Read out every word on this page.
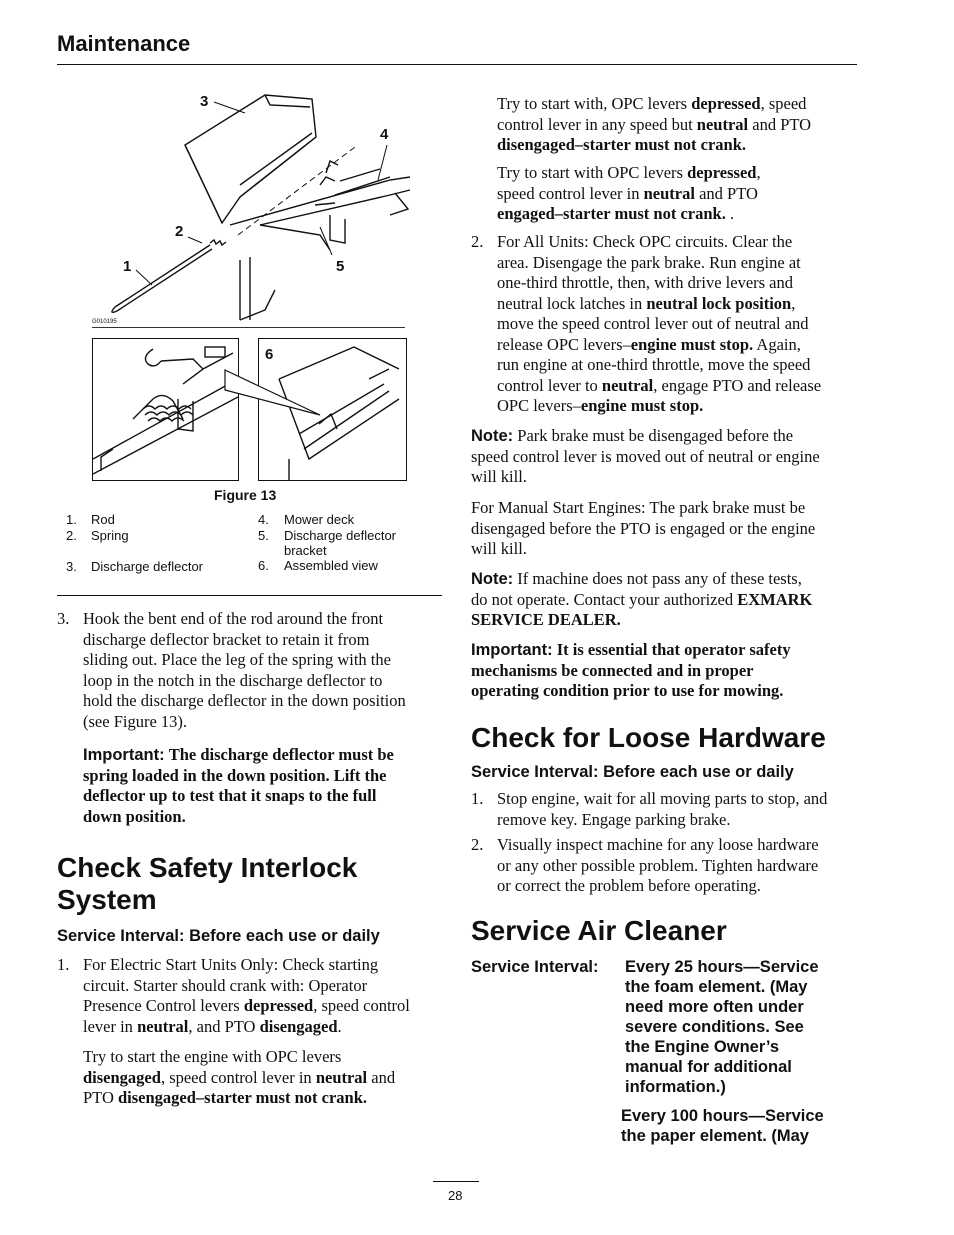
Maintenance
G010195
3
4
2
1	5
6
Figure 13
1. Rod
2. Spring
3. Discharge deflector
4. Mower deck
5. Discharge deflector
bracket
6. Assembled view
3. Hook the bent end of the rod around the front
discharge deflector bracket to retain it from
sliding out. Place the leg of the spring with the
loop in the notch in the discharge deflector to
hold the discharge deflector in the down position
(see Figure 13).
Important: The discharge deflector must be
spring loaded in the down position. Lift the
deflector up to test that it snaps to the full
down position.
Check Safety Interlock
System
Service Interval: Before each use or daily
1. For Electric Start Units Only: Check starting
circuit. Starter should crank with: Operator
Presence Control levers depressed, speed control
lever in neutral, and PTO disengaged.
Try to start the engine with OPC levers
disengaged, speed control lever in neutral and
PTO disengaged–starter must not crank.
Try to start with, OPC levers depressed, speed
control lever in any speed but neutral and PTO
disengaged–starter must not crank.
Try to start with OPC levers depressed,
speed control lever in neutral and PTO
engaged–starter must not crank. .
2. For All Units: Check OPC circuits. Clear the
area. Disengage the park brake. Run engine at
one-third throttle, then, with drive levers and
neutral lock latches in neutral lock position,
move the speed control lever out of neutral and
release OPC levers–engine must stop. Again,
run engine at one-third throttle, move the speed
control lever to neutral, engage PTO and release
OPC levers–engine must stop.
Note: Park brake must be disengaged before the
speed control lever is moved out of neutral or engine
will kill.
For Manual Start Engines: The park brake must be
disengaged before the PTO is engaged or the engine
will kill.
Note: If machine does not pass any of these tests,
do not operate. Contact your authorized EXMARK
SERVICE DEALER.
Important: It is essential that operator safety
mechanisms be connected and in proper
operating condition prior to use for mowing.
Check for Loose Hardware
Service Interval: Before each use or daily
1. Stop engine, wait for all moving parts to stop, and
remove key. Engage parking brake.
2. Visually inspect machine for any loose hardware
or any other possible problem. Tighten hardware
or correct the problem before operating.
Service Air Cleaner
Service Interval: Every 25 hours—Service
the foam element. (May
need more often under
severe conditions. See
the Engine Owner’s
manual for additional
information.)
Every 100 hours—Service
the paper element. (May
28
